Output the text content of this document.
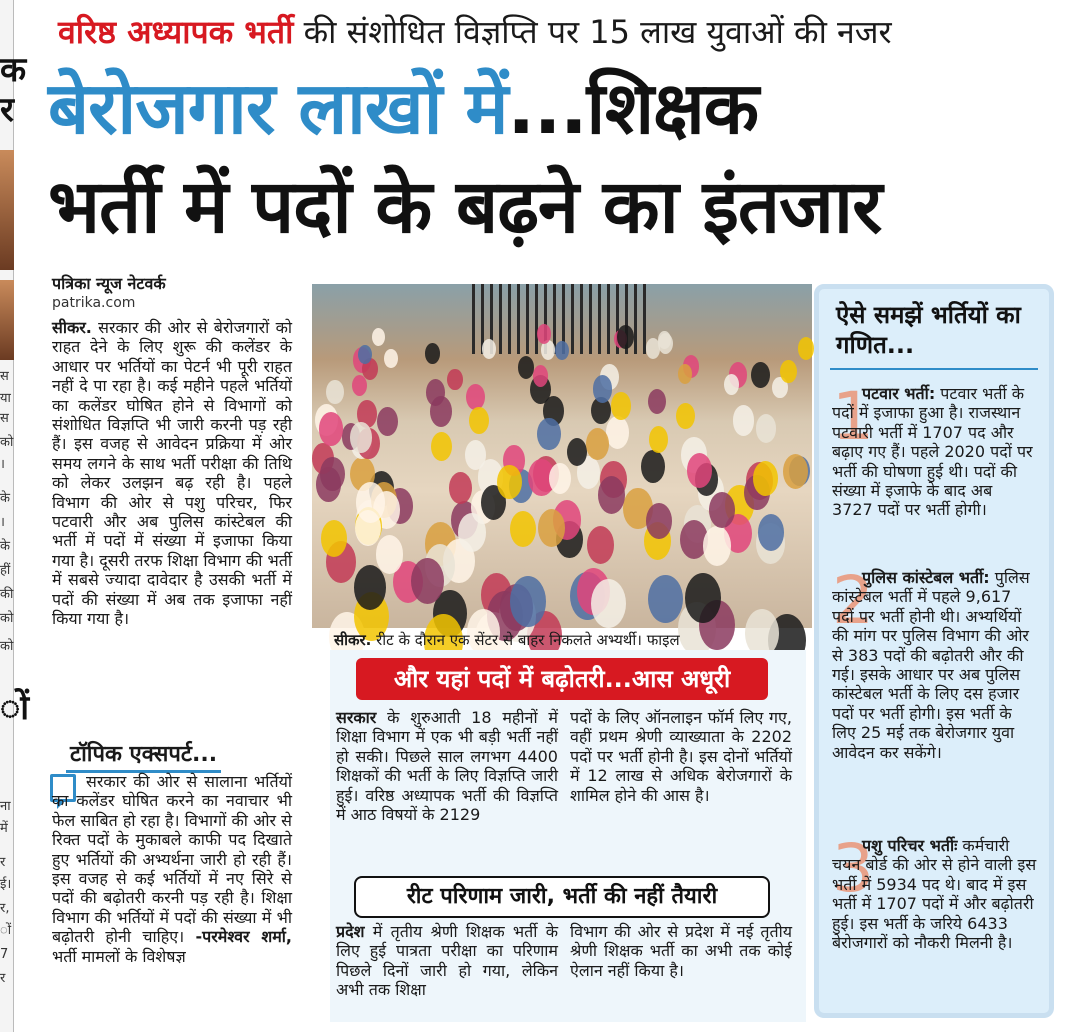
क
र
स
या
स
को
।
के
।
के
हीं
की
को
को
ों
ना
में
र
ई।
र,
ों
7
र
वरिष्ठ अध्यापक भर्ती की संशोधित विज्ञप्ति पर 15 लाख युवाओं की नजर
बेरोजगार लाखों में...शिक्षक
भर्ती में पदों के बढ़ने का इंतजार
पत्रिका न्यूज नेटवर्क
patrika.com

सीकर. सरकार की ओर से बेरोजगारों को राहत देने के लिए शुरू की कलेंडर के आधार पर भर्तियों का पेटर्न भी पूरी राहत नहीं दे पा रहा है। कई महीने पहले भर्तियों का कलेंडर घोषित होने से विभागों को संशोधित विज्ञप्ति भी जारी करनी पड़ रही हैं। इस वजह से आवेदन प्रक्रिया में ओर समय लगने के साथ भर्ती परीक्षा की तिथि को लेकर उलझन बढ़ रही है। पहले विभाग की ओर से पशु परिचर, फिर पटवारी और अब पुलिस कांस्टेबल की भर्ती में पदों में संख्या में इजाफा किया गया है। दूसरी तरफ शिक्षा विभाग की भर्ती में सबसे ज्यादा दावेदार है उसकी भर्ती में पदों की संख्या में अब तक इजाफा नहीं किया गया है।

टॉपिक एक्सपर्ट...
सरकार की ओर से सालाना भर्तियों का कलेंडर घोषित करने का नवाचार भी फेल साबित हो रहा है। विभागों की ओर से रिक्त पदों के मुकाबले काफी पद दिखाते हुए भर्तियों की अभ्यर्थना जारी हो रही हैं। इस वजह से कई भर्तियों में नए सिरे से पदों की बढ़ोतरी करनी पड़ रही है। शिक्षा विभाग की भर्तियों में पदों की संख्या में भी बढ़ोतरी होनी चाहिए। -परमेश्वर शर्मा, भर्ती मामलों के विशेषज्ञ
सीकर. रीट के दौरान एक सेंटर से बाहर निकलते अभ्यर्थी। फाइल
और यहां पदों में बढ़ोतरी...आस अधूरी
सरकार के शुरुआती 18 महीनों में शिक्षा विभाग में एक भी बड़ी भर्ती नहीं हो सकी। पिछले साल लगभग 4400 शिक्षकों की भर्ती के लिए विज्ञप्ति जारी हुई। वरिष्ठ अध्यापक भर्ती की विज्ञप्ति में आठ विषयों के 2129
पदों के लिए ऑनलाइन फॉर्म लिए गए, वहीं प्रथम श्रेणी व्याख्याता के 2202 पदों पर भर्ती होनी है। इस दोनों भर्तियों में 12 लाख से अधिक बेरोजगारों के शामिल होने की आस है।
रीट परिणाम जारी, भर्ती की नहीं तैयारी
प्रदेश में तृतीय श्रेणी शिक्षक भर्ती के लिए हुई पात्रता परीक्षा का परिणाम पिछले दिनों जारी हो गया, लेकिन अभी तक शिक्षा
विभाग की ओर से प्रदेश में नई तृतीय श्रेणी शिक्षक भर्ती का अभी तक कोई ऐलान नहीं किया है।
ऐसे समझें भर्तियों का गणित...
1
पटवार भर्ती: पटवार भर्ती के पदों में इजाफा हुआ है। राजस्थान पटवारी भर्ती में 1707 पद और बढ़ाए गए हैं। पहले 2020 पदों पर भर्ती की घोषणा हुई थी। पदों की संख्या में इजाफे के बाद अब 3727 पदों पर भर्ती होगी।
2
पुलिस कांस्टेबल भर्ती: पुलिस कांस्टेबल भर्ती में पहले 9,617 पदों पर भर्ती होनी थी। अभ्यर्थियों की मांग पर पुलिस विभाग की ओर से 383 पदों की बढ़ोतरी और की गई। इसके आधार पर अब पुलिस कांस्टेबल भर्ती के लिए दस हजार पदों पर भर्ती होगी। इस भर्ती के लिए 25 मई तक बेरोजगार युवा आवेदन कर सकेंगे।
3
पशु परिचर भर्तीः कर्मचारी चयन बोर्ड की ओर से होने वाली इस भर्ती में 5934 पद थे। बाद में इस भर्ती में 1707 पदों में और बढ़ोतरी हुई। इस भर्ती के जरिये 6433 बेरोजगारों को नौकरी मिलनी है।
